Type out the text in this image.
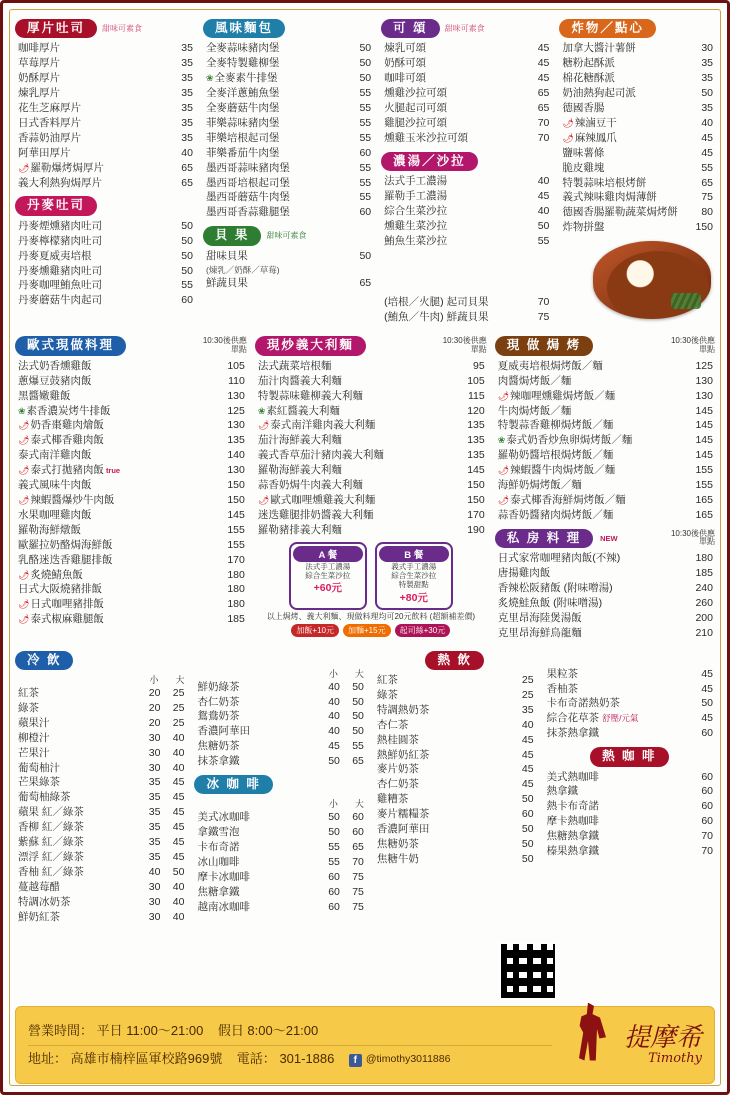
厚片吐司	甜味可素食
咖啡厚片	35
草莓厚片	35
奶酥厚片	35
煉乳厚片	35
花生芝麻厚片	35
日式香料厚片	35
香蒜奶油厚片	35
阿華田厚片	40
🌶 羅勒爆烤焗厚片	65
義大利熱狗焗厚片	65
丹麥吐司
丹麥煙燻豬肉吐司	50
丹麥檸檬豬肉吐司	50
丹麥夏威夷培根	50
丹麥燻雞豬肉吐司	50
丹麥咖哩鮪魚吐司	55
丹麥蘑菇牛肉起司	60
風味麵包
全麥蒜味豬肉堡	50
全麥特製雞柳堡	50
❀ 全麥素牛排堡	50
全麥洋蔥鮪魚堡	55
全麥蘑菇牛肉堡	55
菲樂蒜味豬肉堡	55
菲樂培根起司堡	55
菲樂番茄牛肉堡	60
墨西哥蒜味豬肉堡	55
墨西哥培根起司堡	55
墨西哥蘑菇牛肉堡	55
墨西哥香蒜雞腿堡	60
貝 果	甜味可素食
甜味貝果	50
(煉乳／奶酥／草莓)
鮮蔬貝果	65
可 頌	甜味可素食
煉乳可頌	45
奶酥可頌	45
咖啡可頌	45
燻雞沙拉可頌	65
火腿起司可頌	65
雞腿沙拉可頌	70
燻雞玉米沙拉可頌	70
濃湯／沙拉
法式手工濃湯	40
羅勒手工濃湯	45
綜合生菜沙拉	40
燻雞生菜沙拉	50
鮪魚生菜沙拉	55
(培根／火腿) 起司貝果	70
(鮪魚／牛肉) 鮮蔬貝果	75
炸物／點心
加拿大醬汁薯餅	30
糖粉起酥派	35
棉花糖酥派	35
奶油熱狗起司派	50
德國香腸	35
🌶 辣滷豆干	40
🌶 麻辣鳳爪	45
鹽味薯條	45
脆皮雞塊	55
特製蒜味培根烤餅	65
義式辣味雞肉焗薄餅	75
德國香腸羅勒蔬菜焗烤餅	80
炸物拼盤	150
歐式現做料理	10:30後供應
單點
法式奶香燻雞飯	105
蔥爆豆鼓豬肉飯	110
黑醬嫩雞飯	130
❀ 素香濃炭烤牛排飯	125
🌶 奶香棗雞肉燴飯	130
🌶 泰式椰香雞肉飯	135
泰式南洋雞肉飯	140
🌶 泰式打拋豬肉飯 true	130
義式風味牛肉飯	150
🌶 辣蝦醬爆炒牛肉飯	150
水果咖哩雞肉飯	145
羅勒海鮮燉飯	155
歐羅拉奶酪焗海鮮飯	155
乳酪迷迭香雞腿排飯	170
🌶 炙燒鯖魚飯	180
日式大阪燒豬排飯	180
🌶 日式咖哩豬排飯	180
🌶 泰式椒麻雞腿飯	185
現炒義大利麵	10:30後供應
單點
法式蔬菜培根麵	95
茄汁肉醬義大利麵	105
特製蒜味雞柳義大利麵	115
❀ 素紅醬義大利麵	120
🌶 泰式南洋雞肉義大利麵	135
茄汁海鮮義大利麵	135
義式香草茄汁豬肉義大利麵	135
羅勒海鮮義大利麵	145
蒜香奶焗牛肉義大利麵	150
🌶 歐式咖哩燻雞義大利麵	150
迷迭雞腿排奶醬義大利麵	170
羅勒豬排義大利麵	190
A 餐
法式手工濃湯
綜合生菜沙拉
+60元
B 餐
義式手工濃湯
綜合生菜沙拉
特製甜點
+80元
以上焗烤、義大利麵、現做料理均可20元飲料 (超額補差價)
加飯+10元	加麵+15元	起司絲+30元
現 做 焗 烤	10:30後供應
單點
夏威夷培根焗烤飯／麵	125
肉醬焗烤飯／麵	130
🌶 辣咖哩燻雞焗烤飯／麵	130
牛肉焗烤飯／麵	145
特製蒜香雞柳焗烤飯／麵	145
❀ 泰式奶香炒魚卵焗烤飯／麵	145
羅勒奶醬培根焗烤飯／麵	145
🌶 辣蝦醬牛肉焗烤飯／麵	155
海鮮奶焗烤飯／麵	155
🌶 泰式椰香海鮮焗烤飯／麵	165
蒜香奶醬豬肉焗烤飯／麵	165
私 房 料 理	NEW
10:30後供應
單點
日式家常咖哩豬肉飯(不辣)	180
唐揚雞肉飯	185
香辣松阪豬飯 (附味噌湯)	240
炙燒鮭魚飯 (附味噌湯)	260
克里昂海陸煲湯飯	200
克里昂海鮮鳥龍麵	210
冷 飲
小	大
紅茶	20	25
綠茶	20	25
蘋果汁	20	25
柳橙汁	30	40
芒果汁	30	40
葡萄柚汁	30	40
芒果綠茶	35	45
葡萄柚綠茶	35	45
蘋果 紅／綠茶	35	45
香柳 紅／綠茶	35	45
紫蘇 紅／綠茶	35	45
漂浮 紅／綠茶	35	45
香柚 紅／綠茶	40	50
蔓越莓醋	30	40
特調冰奶茶	30	40
鮮奶紅茶	30	40
小	大
鮮奶綠茶	40	50
杏仁奶茶	40	50
鴛鴦奶茶	40	50
香濃阿華田	40	50
焦糖奶茶	45	55
抹茶拿鐵	50	65
冰 咖 啡
小	大
美式冰咖啡	50	60
拿鐵雪泡	50	60
卡布奇諾	55	65
冰山咖啡	55	70
摩卡冰咖啡	60	75
焦糖拿鐵	60	75
越南冰咖啡	60	75
熱 飲
紅茶	25
綠茶	25
特調熱奶茶	35
杏仁茶	40
熱桂圓茶	45
熱鮮奶紅茶	45
麥片奶茶	45
杏仁奶茶	45
雞糟茶	50
麥片糯糧茶	60
香濃阿華田	50
焦糖奶茶	50
焦糖牛奶	50
果粒茶	45
香柚茶	45
卡布奇諾熱奶茶	50
綜合花草茶 舒壓/元氣	45
抹茶熱拿鐵	60
熱 咖 啡
美式熱咖啡	60
熱拿鐵	60
熱卡布奇諾	60
摩卡熱咖啡	60
焦糖熱拿鐵	70
榛果熱拿鐵	70
營業時間： 平日 11:00～21:00 假日 8:00～21:00
地址： 高雄市楠梓區軍校路969號 電話： 301-1886	f @timothy3011886
提摩希
Timothy
